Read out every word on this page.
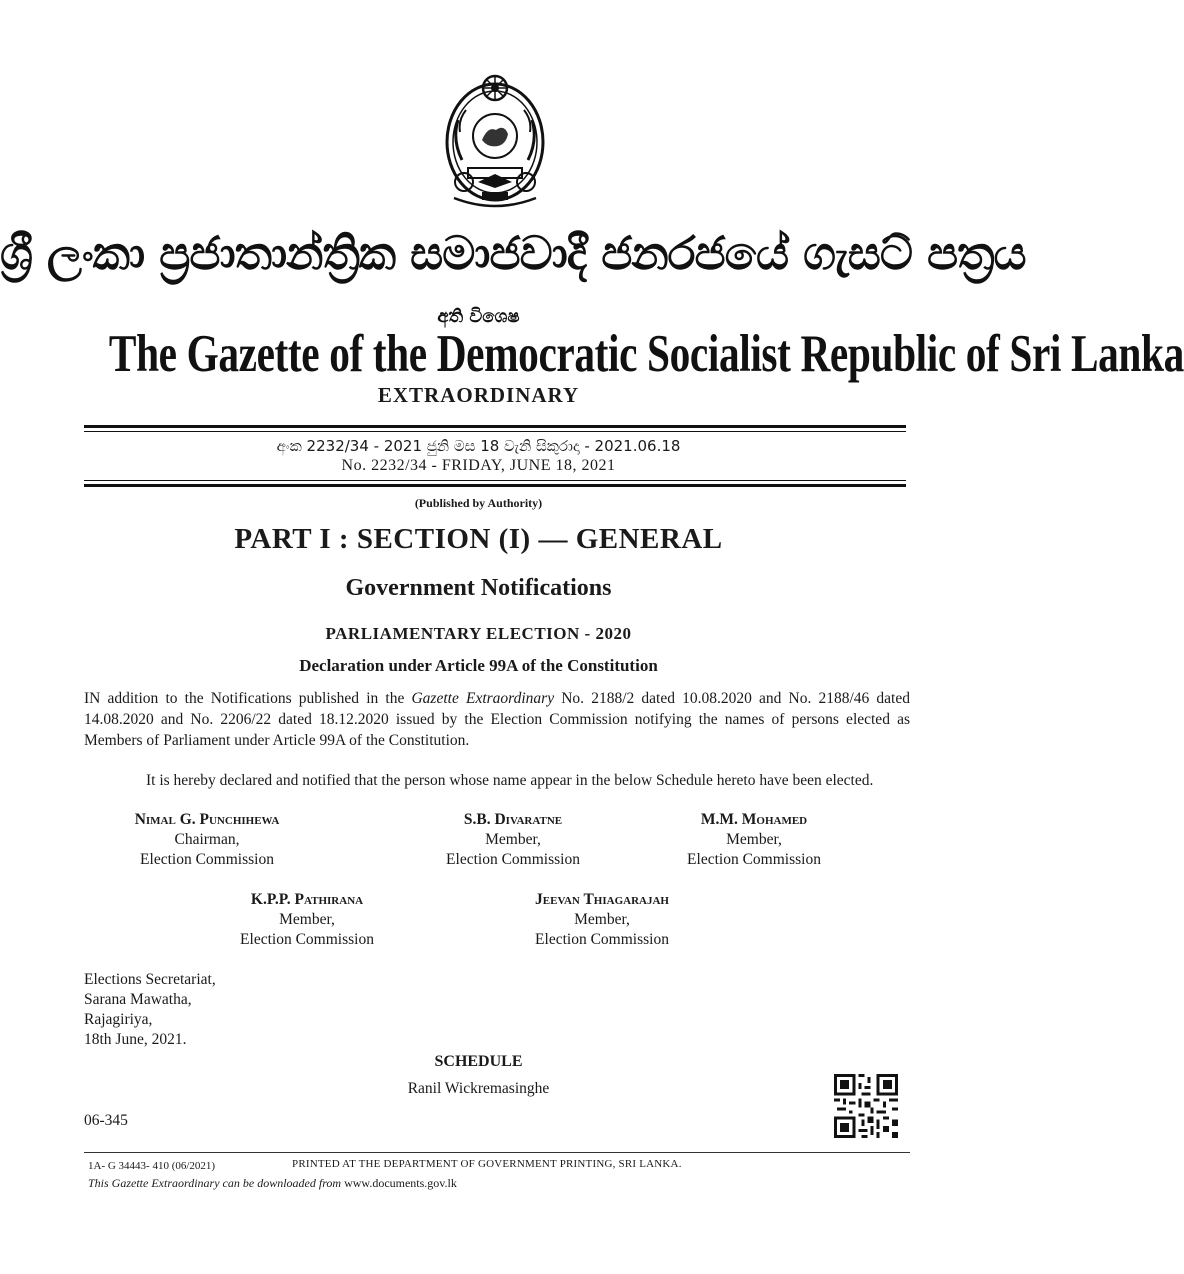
ශ්‍රී ලංකා ප්‍රජාතාන්ත්‍රික සමාජවාදී ජනරජයේ ගැසට් පත්‍රය
අති විශෙෂ
The Gazette of the Democratic Socialist Republic of Sri Lanka
EXTRAORDINARY
අංක 2232/34 - 2021 ජුනි මස 18 වැනි සිකුරාදා - 2021.06.18
No. 2232/34 - FRIDAY, JUNE 18, 2021
(Published by Authority)
PART I : SECTION (I) — GENERAL
Government Notifications
PARLIAMENTARY ELECTION - 2020
Declaration under Article 99A of the Constitution
IN addition to the Notifications published in the Gazette Extraordinary No. 2188/2 dated 10.08.2020 and No. 2188/46 dated 14.08.2020 and No. 2206/22 dated 18.12.2020 issued by the Election Commission notifying the names of persons elected as Members of Parliament under Article 99A of the Constitution.
It is hereby declared and notified that the person whose name appear in the below Schedule hereto have been elected.
Nimal G. Punchihewa
Chairman,
Election Commission
S.B. Divaratne
Member,
Election Commission
M.M. Mohamed
Member,
Election Commission
K.P.P. Pathirana
Member,
Election Commission
Jeevan Thiagarajah
Member,
Election Commission
Elections Secretariat,
Sarana Mawatha,
Rajagiriya,
18th June, 2021.
SCHEDULE
Ranil Wickremasinghe
06-345
1A- G 34443- 410 (06/2021)	PRINTED AT THE DEPARTMENT OF GOVERNMENT PRINTING, SRI LANKA.
This Gazette Extraordinary can be downloaded from www.documents.gov.lk
